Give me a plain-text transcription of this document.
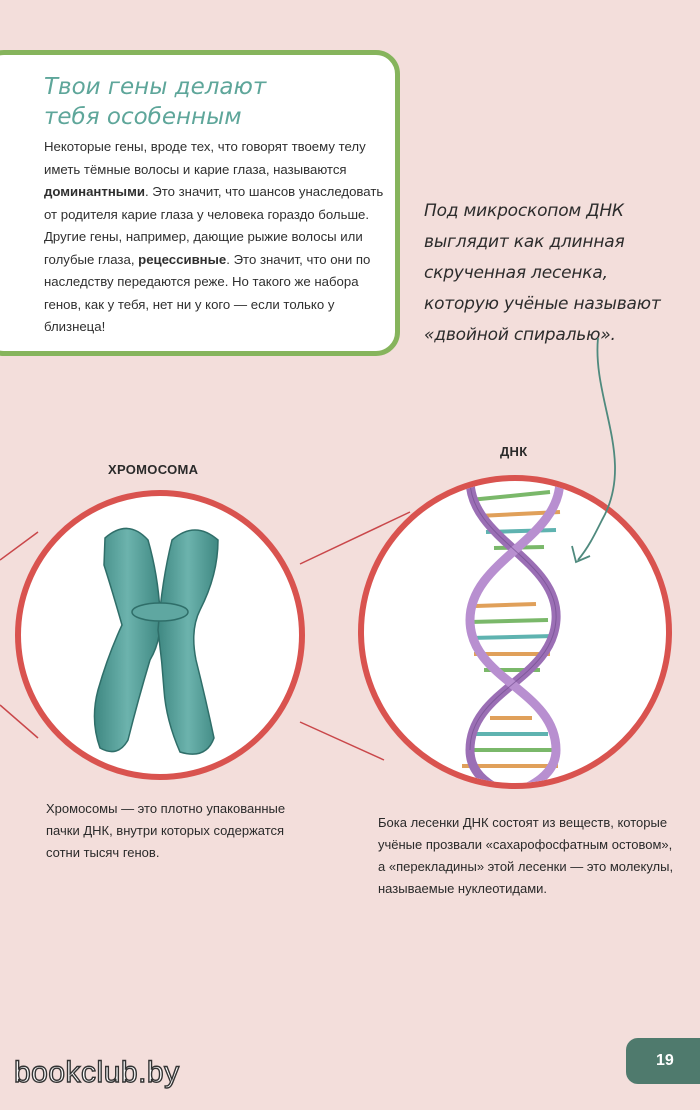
Твои гены делают
тебя особенным
Некоторые гены, вроде тех, что говорят твоему телу иметь тёмные волосы и карие глаза, называются доминантными. Это значит, что шансов унаследовать от родителя карие глаза у человека гораздо больше. Другие гены, например, дающие рыжие волосы или голубые глаза, рецессивные. Это значит, что они по наследству передаются реже. Но такого же набора генов, как у тебя, нет ни у кого — если только у близнеца!
Под микроскопом ДНК
выглядит как длинная
скрученная лесенка,
которую учёные называют
«двойной спиралью».
ХРОМОСОМА
ДНК
Хромосомы — это плотно упакованные пачки ДНК, внутри которых содержатся сотни тысяч генов.
Бока лесенки ДНК состоят из веществ, которые учёные прозвали «сахарофосфатным остовом», а «перекладины» этой лесенки — это молекулы, называемые нуклеотидами.
19
bookclub.by
